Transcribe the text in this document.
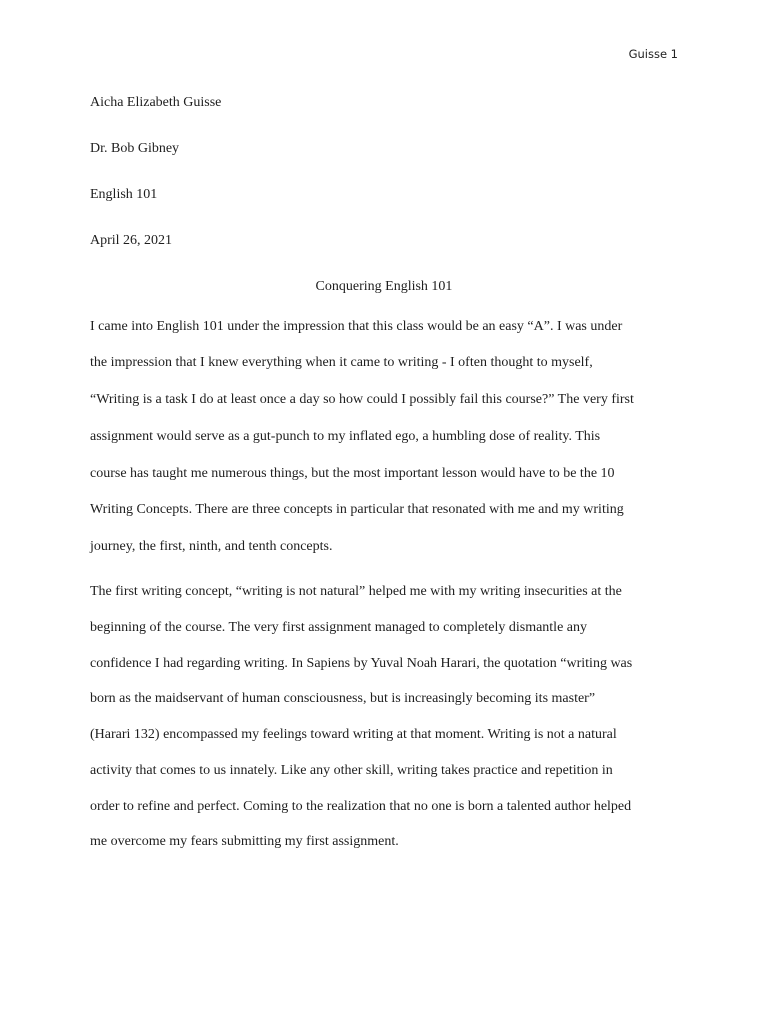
Guisse 1
Aicha Elizabeth Guisse
Dr. Bob Gibney
English 101
April 26, 2021
Conquering English 101
I came into English 101 under the impression that this class would be an easy “A”. I was under
the impression that I knew everything when it came to writing - I often thought to myself,
“Writing is a task I do at least once a day so how could I possibly fail this course?” The very first
assignment would serve as a gut-punch to my inflated ego, a humbling dose of reality. This
course has taught me numerous things, but the most important lesson would have to be the 10
Writing Concepts. There are three concepts in particular that resonated with me and my writing
journey, the first, ninth, and tenth concepts.
The first writing concept, “writing is not natural” helped me with my writing insecurities at the
beginning of the course. The very first assignment managed to completely dismantle any
confidence I had regarding writing. In Sapiens by Yuval Noah Harari, the quotation “writing was
born as the maidservant of human consciousness, but is increasingly becoming its master”
(Harari 132) encompassed my feelings toward writing at that moment. Writing is not a natural
activity that comes to us innately. Like any other skill, writing takes practice and repetition in
order to refine and perfect. Coming to the realization that no one is born a talented author helped
me overcome my fears submitting my first assignment.
